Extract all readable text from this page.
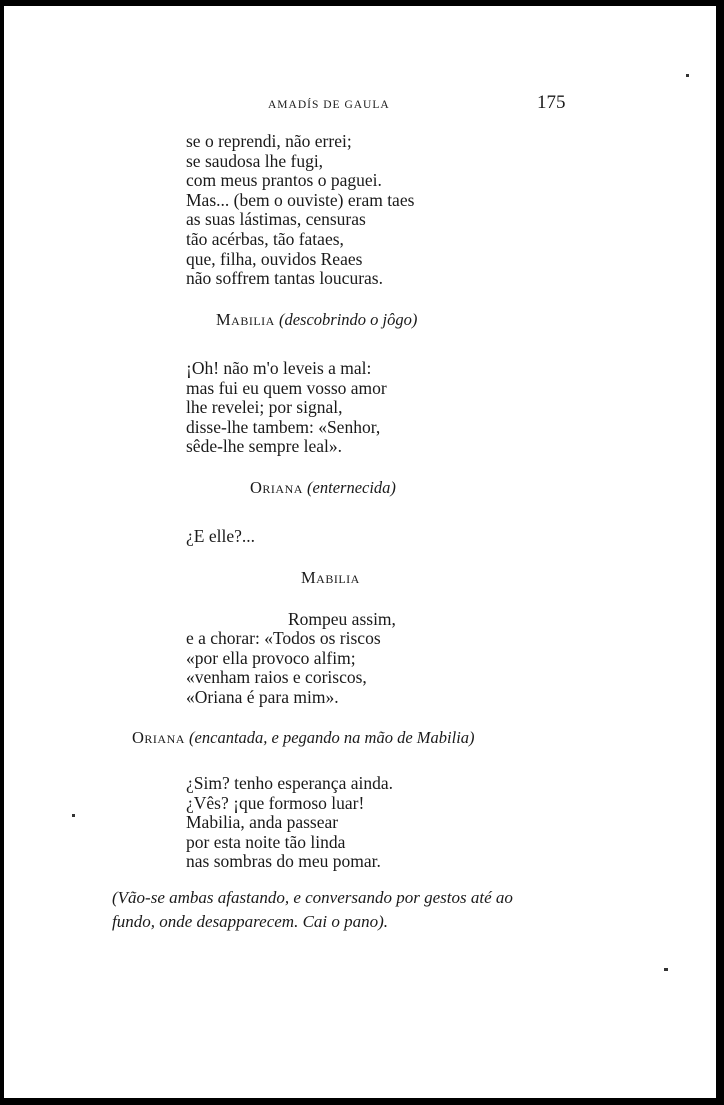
AMADÍS DE GAULA	175
se o reprendi, não errei;
se saudosa lhe fugi,
com meus prantos o paguei.
Mas... (bem o ouviste) eram taes
as suas lástimas, censuras
tão acérbas, tão fataes,
que, filha, ouvidos Reaes
não soffrem tantas loucuras.
Mabilia (descobrindo o jôgo)
¡Oh! não m'o leveis a mal:
mas fui eu quem vosso amor
lhe revelei; por signal,
disse-lhe tambem: «Senhor,
sêde-lhe sempre leal».
Oriana (enternecida)
¿E elle?...
Mabilia
Rompeu assim,
e a chorar: «Todos os riscos
«por ella provoco alfim;
«venham raios e coriscos,
«Oriana é para mim».
Oriana (encantada, e pegando na mão de Mabilia)
¿Sim? tenho esperança ainda.
¿Vês? ¡que formoso luar!
Mabilia, anda passear
por esta noite tão linda
nas sombras do meu pomar.
(Vão-se ambas afastando, e conversando por gestos até ao
fundo, onde desapparecem. Cai o pano).
